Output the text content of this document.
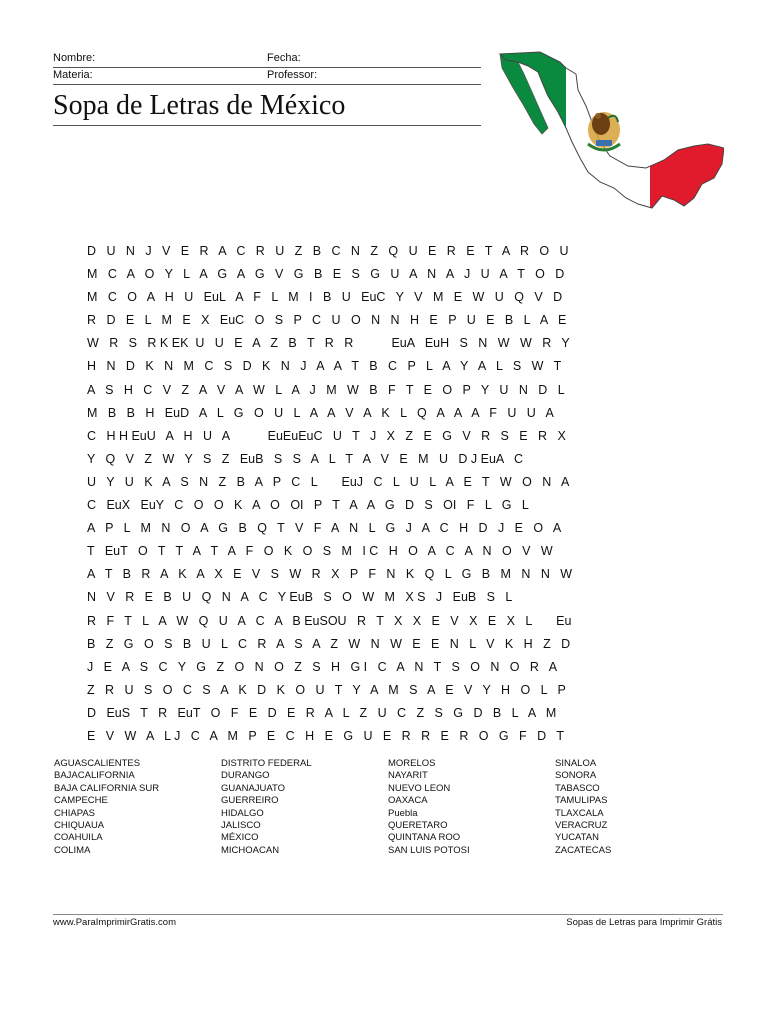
Nombre:	Fecha:
Materia:	Professor:
Sopa de Letras de México
D   U   N   J   V   E   R   A   C   R   U   Z   B   C   N   Z   Q   U   E   R   E   T   A   R   O   U
M   C   A   O   Y   L   A   G   A   G   V   G   B   E   S   G   U   A   N   A   J   U   A   T   O   D
M   C   O   A   H   U   EuL   A   F   L   M   I   B   U   EuC   Y   V   M   E   W   U   Q   V   D
R   D   E   L   M   E   X   EuC   O   S   P   C   U   O   N   N   H   E   P   U   E   B   L   A   E
W   R   S   R K EK  U   U   E   A   Z   B   T   R   R           EuA   EuH   S   N   W   W   R   Y
H   N   D   K   N   M   C   S   D   K   N   J   A   A   T   B   C   P   L   A   Y   A   L   S   W   T
A   S   H   C   V   Z   A   V   A   W   L   A   J   M   W   B   F   T   E   O   P   Y   U   N   D   L
M   B   B   H   EuD   A   L   G   O   U   L   A   A   V   A   K   L   Q   A   A   A   F   U   U   A
C   H H EuU   A   H   U   A           EuEuEuC   U   T   J   X   Z   E   G   V   R   S   E   R   X
Y   Q   V   Z   W   Y   S   Z   EuB   S   S   A   L   T   A   V   E   M   U   D J EuA   C
U   Y   U   K   A   S   N   Z   B   A   P   C   L       EuJ   C   L   U   L   A   E   T   W   O   N   A
C   EuX   EuY   C   O   O   K   A   O   OI   P   T   A   A   G   D   S   OI   F   L   G   L
A   P   L   M   N   O   A   G   B   Q   T   V   F   A   N   L   G   J   A   C   H   D   J   E   O   A
T   EuT   O   T   T   A   T   A   F   O   K   O   S   M   I C   H   O   A   C   A   N   O   V   W
A   T   B   R   A   K   A   X   E   V   S   W   R   X   P   F   N   K   Q   L   G   B   M   N   N   W
N   V   R   E   B   U   Q   N   A   C   Y EuB   S   O   W   M   X S   J   EuB   S   L
R   F   T   L   A   W   Q   U   A   C   A   B EuSOU   R   T   X   X   E   V   X   E   X   L       Eu
B   Z   G   O   S   B   U   L   C   R   A   S   A   Z   W   N   W   E   E   N   L   V   K   H   Z   D
J   E   A   S   C   Y   G   Z   O   N   O   Z   S   H   G I   C   A   N   T   S   O   N   O   R   A
Z   R   U   S   O   C   S   A   K   D   K   O   U   T   Y   A   M   S   A   E   V   Y   H   O   L   P
D   EuS   T   R   EuT   O   F   E   D   E   R   A   L   Z   U   C   Z   S   G   D   B   L   A   M
E   V   W   A   L J   C   A   M   P   E   C   H   E   G   U   E   R   R   E   R   O   G   F   D   T
AGUASCALIENTES
BAJACALIFORNIA
BAJA CALIFORNIA SUR
CAMPECHE
CHIAPAS
CHIQUAUA
COAHUILA
COLIMA
DISTRITO FEDERAL
DURANGO
GUANAJUATO
GUERREIRO
HIDALGO
JALISCO
MÉXICO
MICHOACAN
MORELOS
NAYARIT
NUEVO LEON
OAXACA
Puebla
QUERETARO
QUINTANA ROO
SAN LUIS POTOSI
SINALOA
SONORA
TABASCO
TAMULIPAS
TLAXCALA
VERACRUZ
YUCATAN
ZACATECAS
www.ParaImprimirGratis.com	Sopas de Letras para Imprimir Grátis
